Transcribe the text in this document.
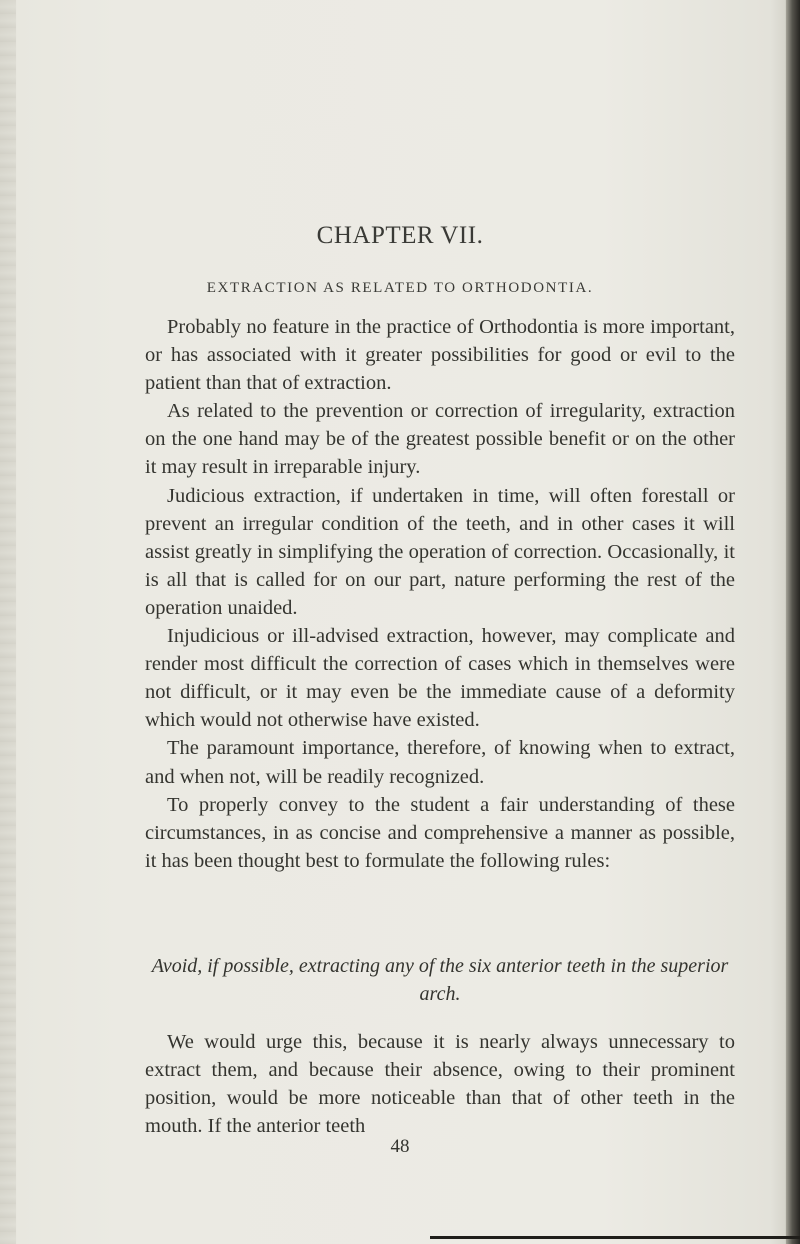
CHAPTER VII.
EXTRACTION AS RELATED TO ORTHODONTIA.

Probably no feature in the practice of Orthodontia is more important, or has associated with it greater possibilities for good or evil to the patient than that of extraction.

As related to the prevention or correction of irregularity, extraction on the one hand may be of the greatest possible benefit or on the other it may result in irreparable injury.

Judicious extraction, if undertaken in time, will often forestall or prevent an irregular condition of the teeth, and in other cases it will assist greatly in simplifying the operation of correction. Occasionally, it is all that is called for on our part, nature performing the rest of the operation unaided.

Injudicious or ill-advised extraction, however, may complicate and render most difficult the correction of cases which in themselves were not difficult, or it may even be the immediate cause of a deformity which would not otherwise have existed.

The paramount importance, therefore, of knowing when to extract, and when not, will be readily recognized.

To properly convey to the student a fair understanding of these circumstances, in as concise and comprehensive a manner as possible, it has been thought best to formulate the following rules:

Avoid, if possible, extracting any of the six anterior teeth in the superior arch.

We would urge this, because it is nearly always unnecessary to extract them, and because their absence, owing to their prominent position, would be more noticeable than that of other teeth in the mouth. If the anterior teeth

48
